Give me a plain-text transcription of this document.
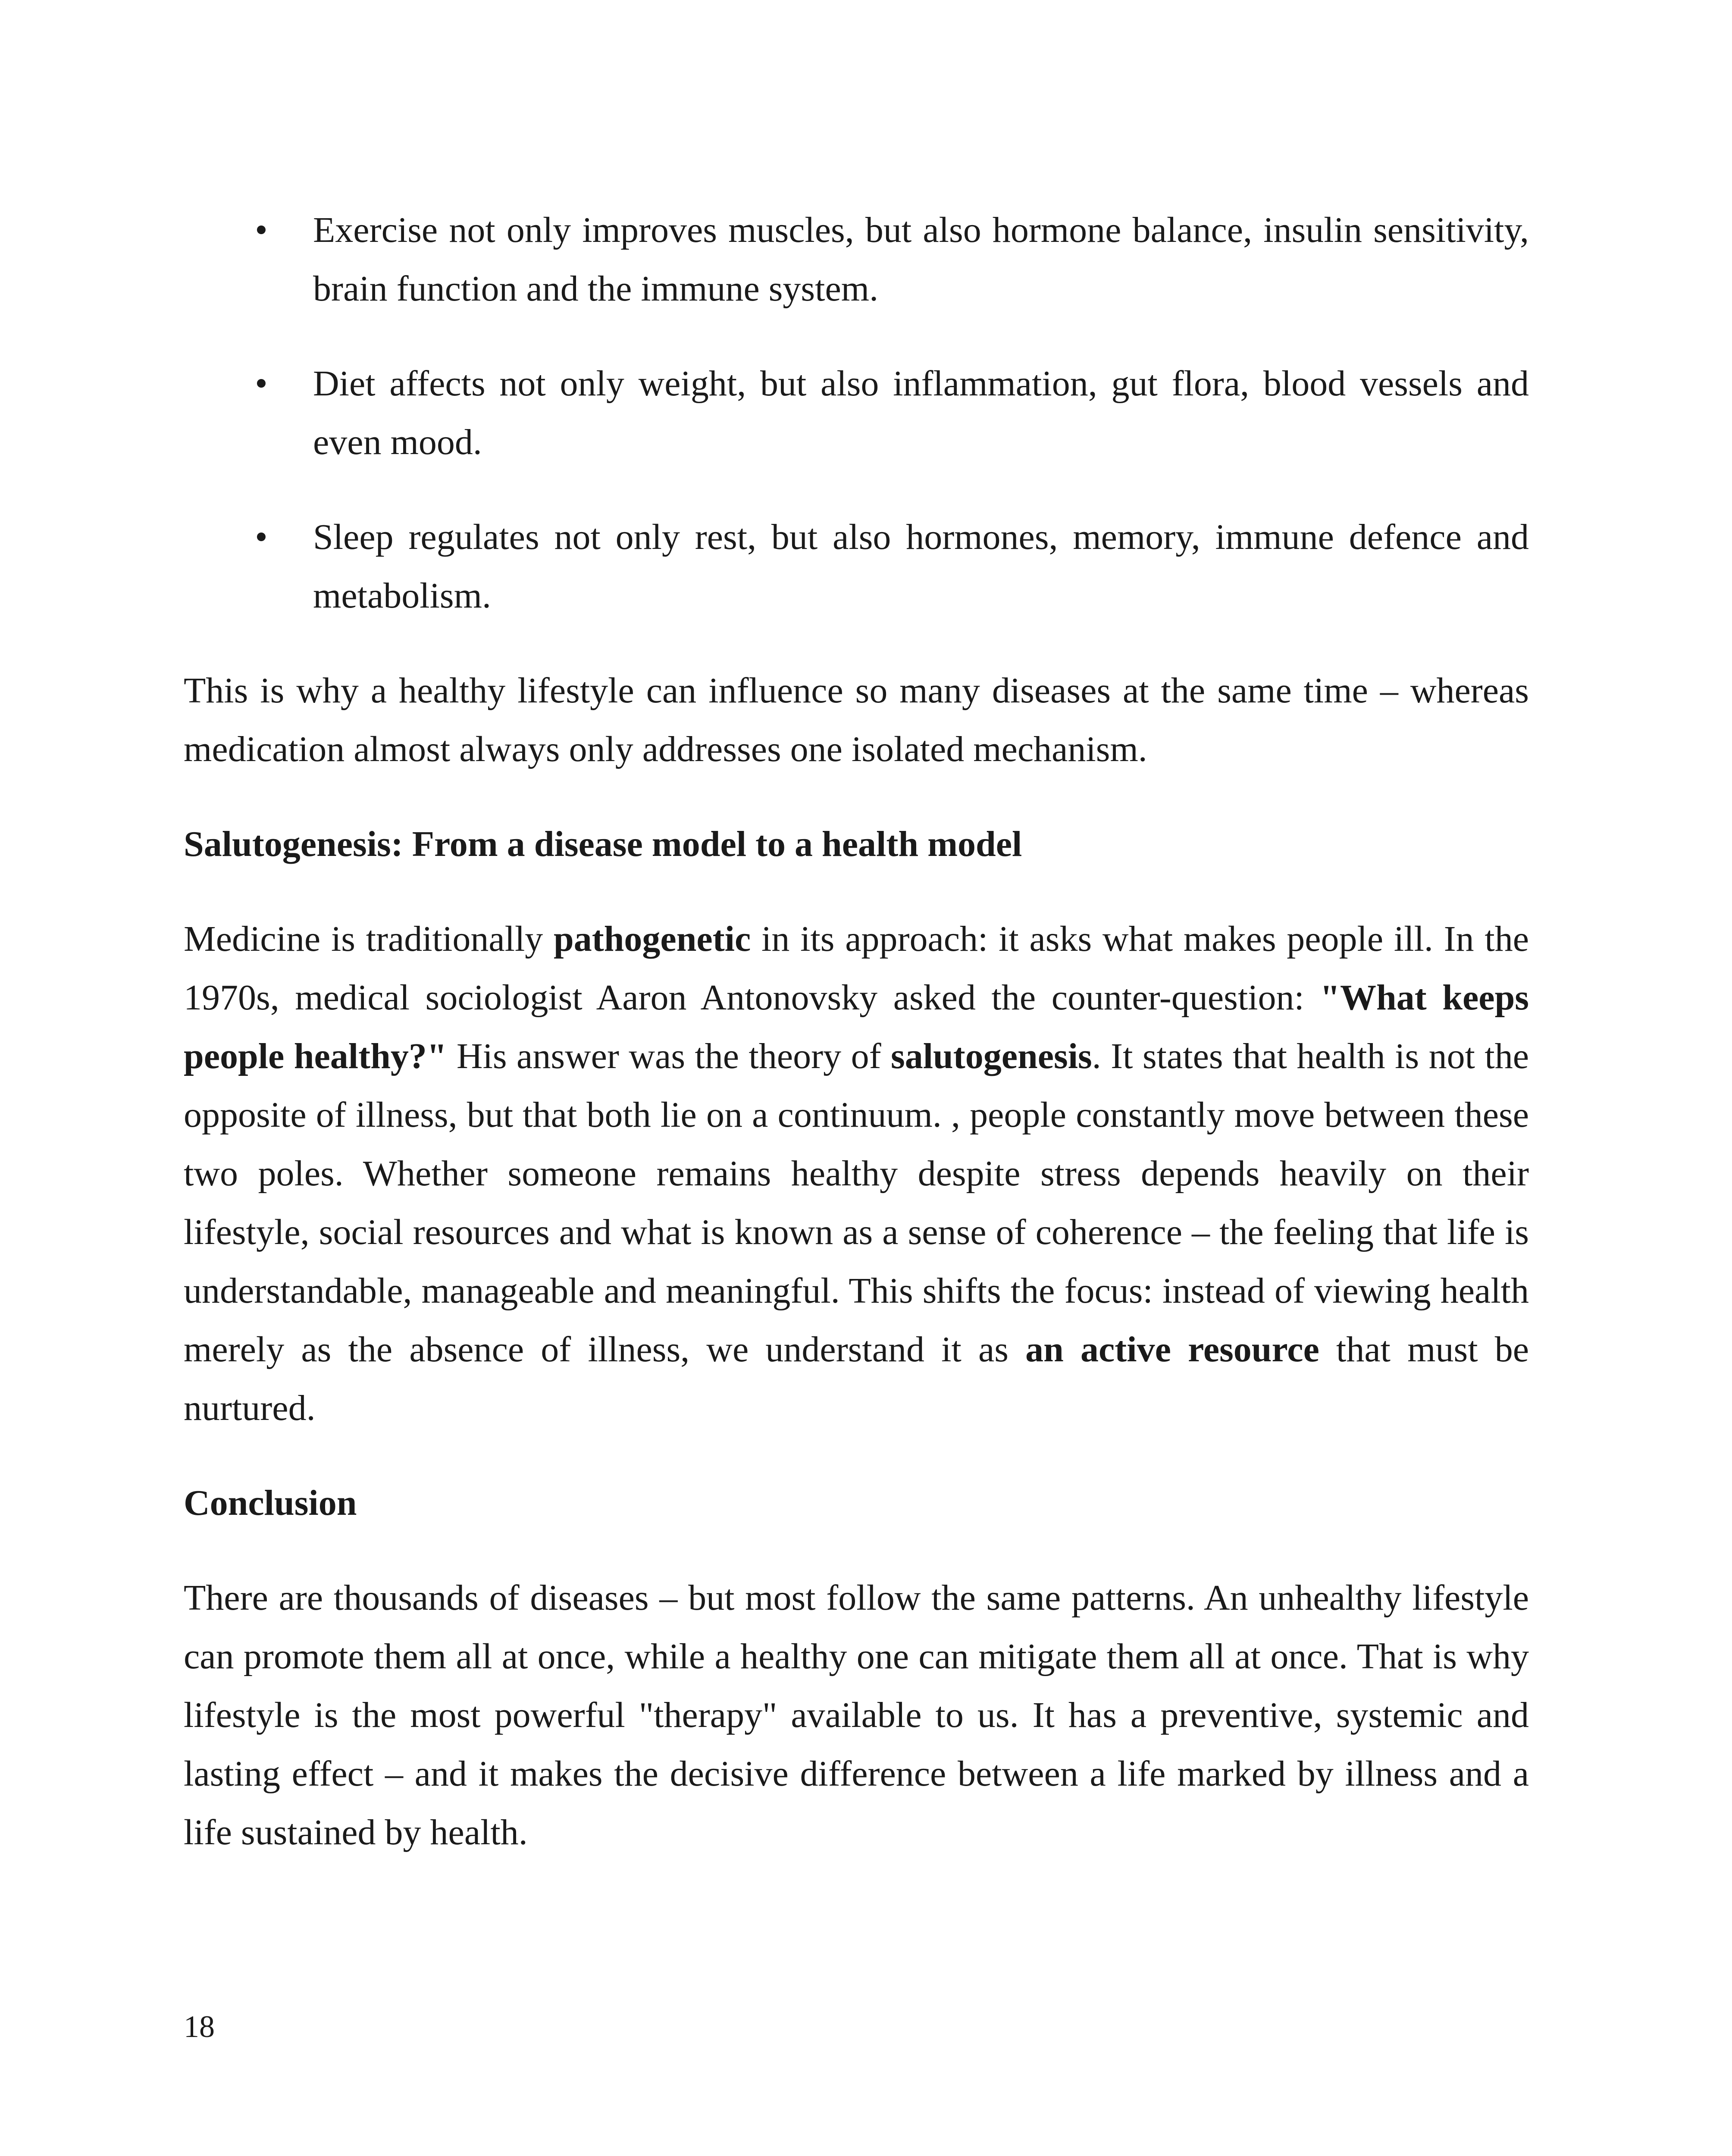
•	Exercise not only improves muscles, but also hormone balance, insulin sensitivity, brain function and the immune system.
•	Diet affects not only weight, but also inflammation, gut flora, blood vessels and even mood.
•	Sleep regulates not only rest, but also hormones, memory, immune defence and metabolism.

This is why a healthy lifestyle can influence so many diseases at the same time – whereas medication almost always only addresses one isolated mechanism.

Salutogenesis: From a disease model to a health model

Medicine is traditionally pathogenetic in its approach: it asks what makes people ill. In the 1970s, medical sociologist Aaron Antonovsky asked the counter-question: "What keeps people healthy?" His answer was the theory of salutogenesis. It states that health is not the opposite of illness, but that both lie on a continuum. , people constantly move between these two poles. Whether someone remains healthy despite stress depends heavily on their lifestyle, social resources and what is known as a sense of coherence – the feeling that life is understandable, manageable and meaningful. This shifts the focus: instead of viewing health merely as the absence of illness, we understand it as an active resource that must be nurtured.

Conclusion

There are thousands of diseases – but most follow the same patterns. An unhealthy lifestyle can promote them all at once, while a healthy one can mitigate them all at once. That is why lifestyle is the most powerful "therapy" available to us. It has a preventive, systemic and lasting effect – and it makes the decisive difference between a life marked by illness and a life sustained by health.

18
